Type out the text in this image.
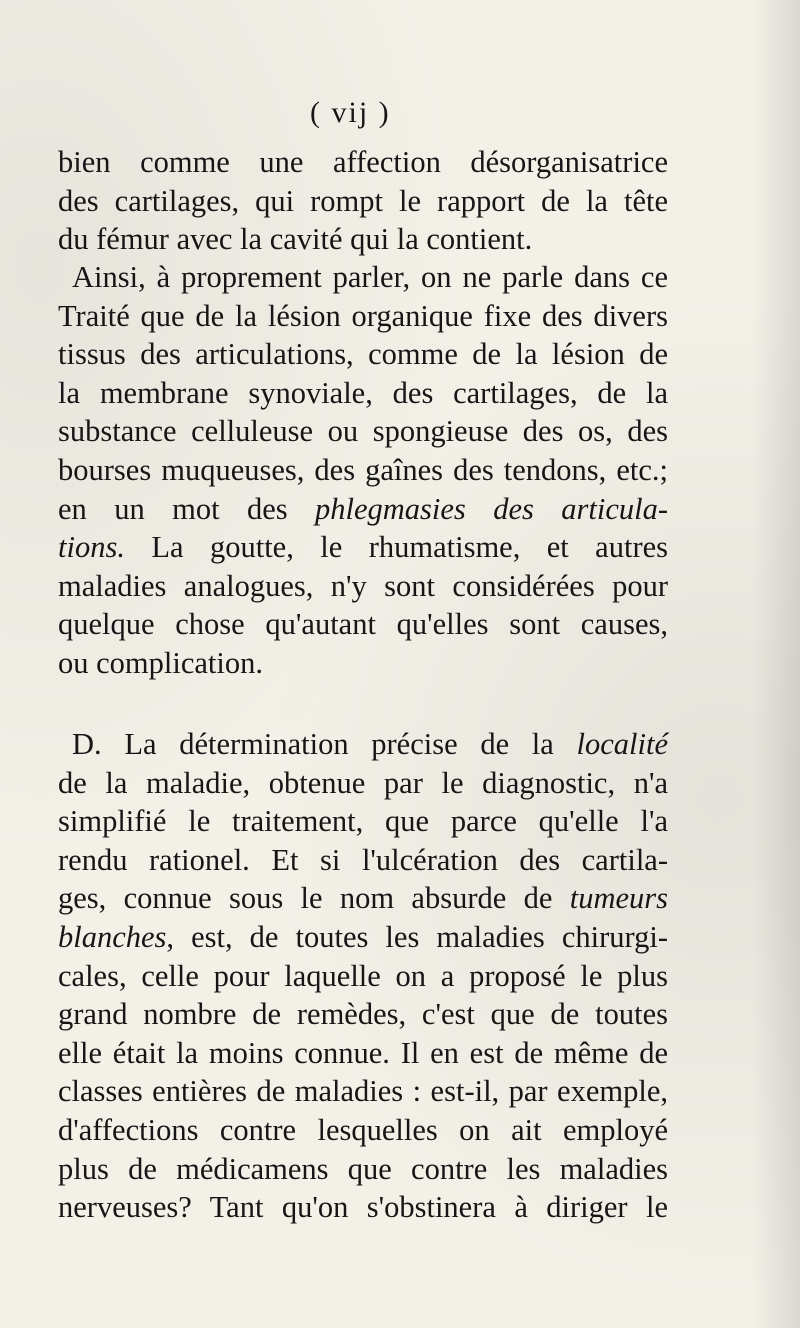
( vij )
bien comme une affection désorganisatrice
des cartilages, qui rompt le rapport de la tête
du fémur avec la cavité qui la contient.
Ainsi, à proprement parler, on ne parle dans ce
Traité que de la lésion organique fixe des divers
tissus des articulations, comme de la lésion de
la membrane synoviale, des cartilages, de la
substance celluleuse ou spongieuse des os, des
bourses muqueuses, des gaînes des tendons, etc.;
en un mot des phlegmasies des articula-
tions. La goutte, le rhumatisme, et autres
maladies analogues, n'y sont considérées pour
quelque chose qu'autant qu'elles sont causes,
ou complication.
D. La détermination précise de la localité
de la maladie, obtenue par le diagnostic, n'a
simplifié le traitement, que parce qu'elle l'a
rendu rationel. Et si l'ulcération des cartila-
ges, connue sous le nom absurde de tumeurs
blanches, est, de toutes les maladies chirurgi-
cales, celle pour laquelle on a proposé le plus
grand nombre de remèdes, c'est que de toutes
elle était la moins connue. Il en est de même de
classes entières de maladies : est-il, par exemple,
d'affections contre lesquelles on ait employé
plus de médicamens que contre les maladies
nerveuses? Tant qu'on s'obstinera à diriger le
